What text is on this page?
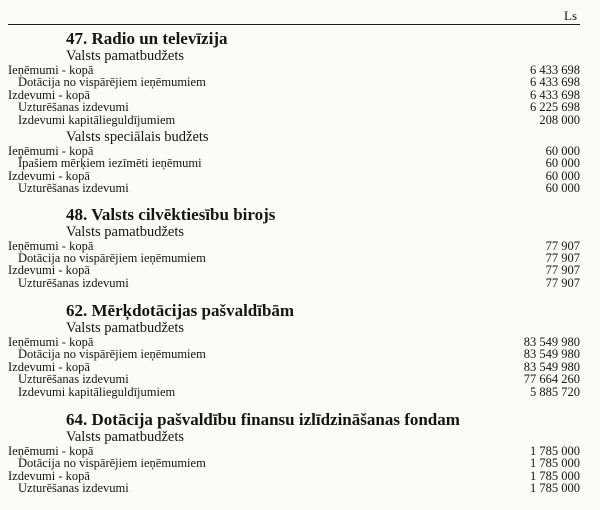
Ls
47. Radio un televīzija
Valsts pamatbudžets
Ieņēmumi - kopā	6 433 698
Dotācija no vispārējiem ieņēmumiem	6 433 698
Izdevumi - kopā	6 433 698
Uzturēšanas izdevumi	6 225 698
Izdevumi kapitālieguldījumiem	208 000
Valsts speciālais budžets
Ieņēmumi - kopā	60 000
Īpašiem mērķiem iezīmēti ieņēmumi	60 000
Izdevumi - kopā	60 000
Uzturēšanas izdevumi	60 000
48. Valsts cilvēktiesību birojs
Valsts pamatbudžets
Ieņēmumi - kopā	77 907
Dotācija no vispārējiem ieņēmumiem	77 907
Izdevumi - kopā	77 907
Uzturēšanas izdevumi	77 907
62. Mērķdotācijas pašvaldībām
Valsts pamatbudžets
Ieņēmumi - kopā	83 549 980
Dotācija no vispārējiem ieņēmumiem	83 549 980
Izdevumi - kopā	83 549 980
Uzturēšanas izdevumi	77 664 260
Izdevumi kapitālieguldījumiem	5 885 720
64. Dotācija pašvaldību finansu izlīdzināšanas fondam
Valsts pamatbudžets
Ieņēmumi - kopā	1 785 000
Dotācija no vispārējiem ieņēmumiem	1 785 000
Izdevumi - kopā	1 785 000
Uzturēšanas izdevumi	1 785 000
